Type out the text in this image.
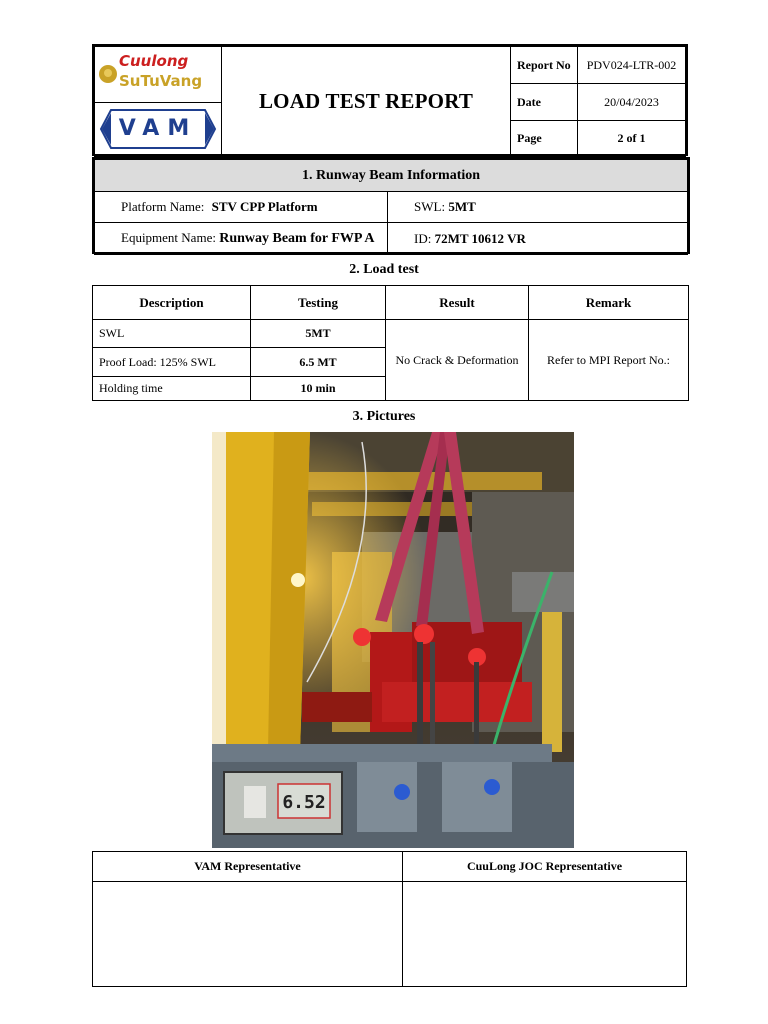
Cuulong
SuTuVang
VAM	LOAD TEST REPORT	Report No	PDV024-LTR-002
		Date	20/04/2023
		Page	2 of 1
1. Runway Beam Information	
Platform Name: STV CPP Platform	SWL: 5MT
Equipment Name: Runway Beam for FWP A	ID: 72MT 10612 VR
2. Load test
Description	Testing	Result	Remark
SWL	5MT	No Crack & Deformation	Refer to MPI Report No.:
Proof Load: 125% SWL	6.5 MT		
Holding time	10 min		
3. Pictures
6.52
VAM Representative	CuuLong JOC Representative
